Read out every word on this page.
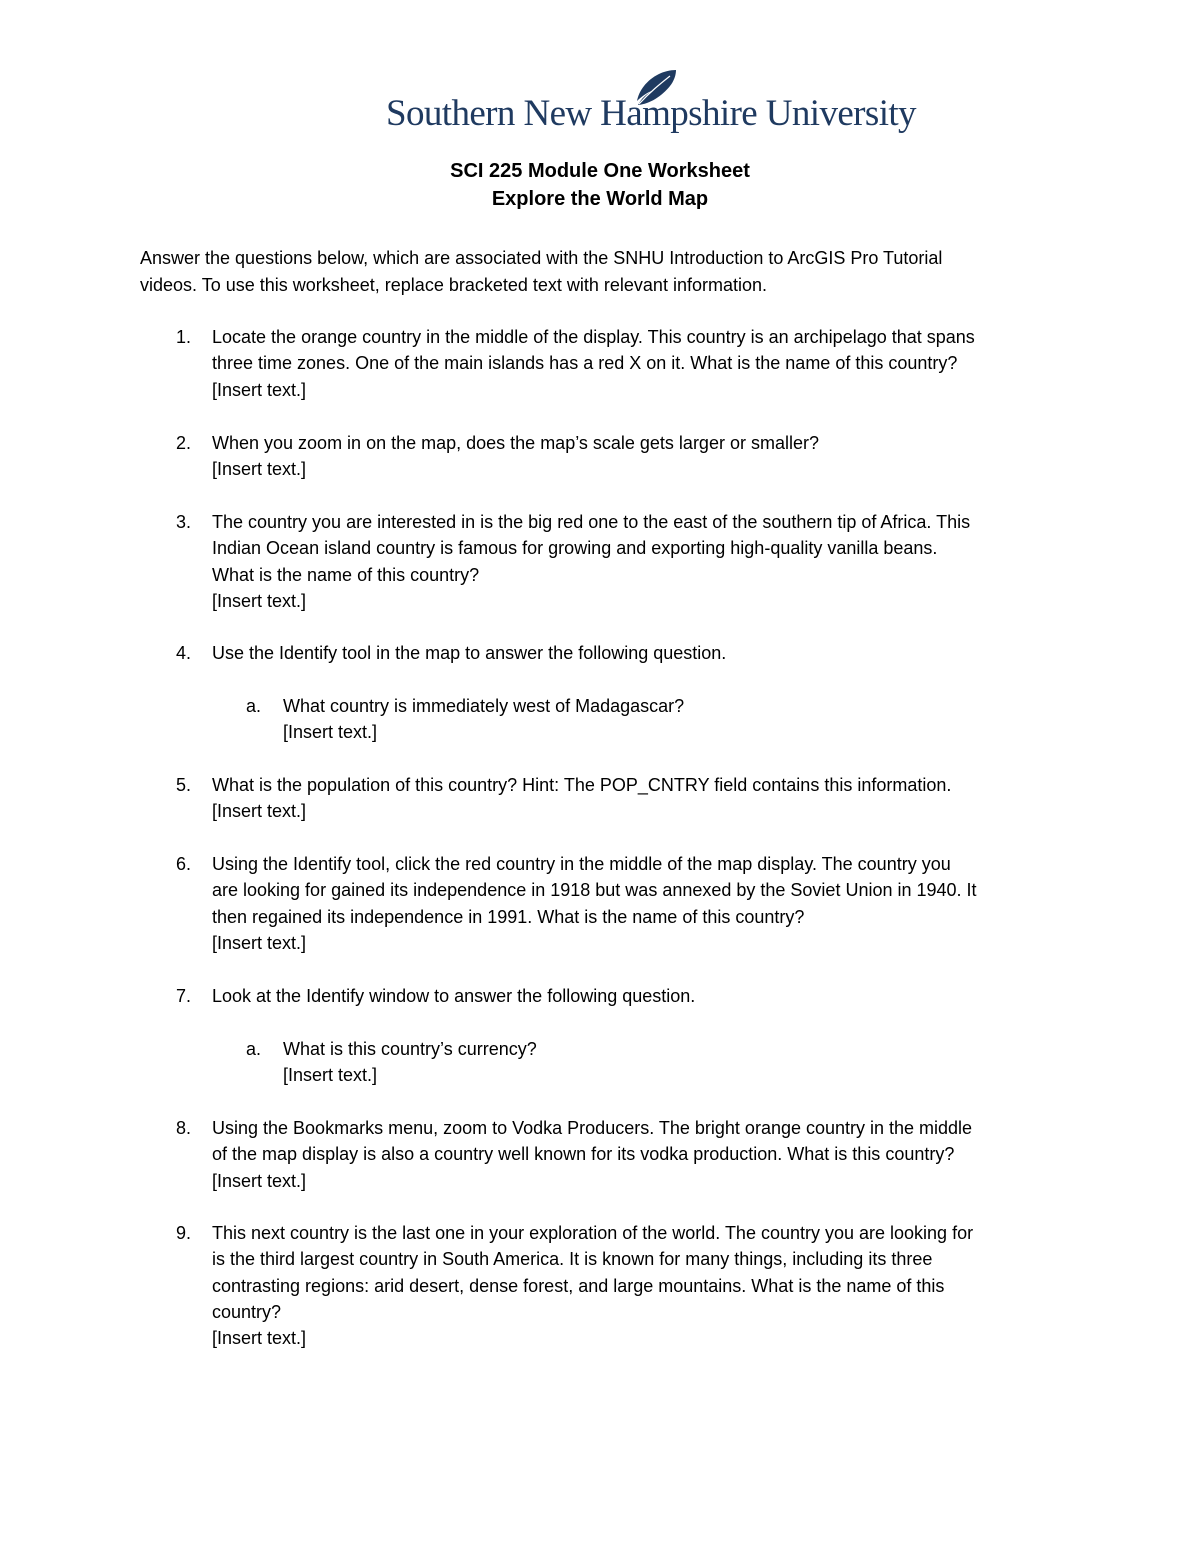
Southern New Hampshire University
SCI 225 Module One Worksheet
Explore the World Map
Answer the questions below, which are associated with the SNHU Introduction to ArcGIS Pro Tutorial
videos. To use this worksheet, replace bracketed text with relevant information.
1. Locate the orange country in the middle of the display. This country is an archipelago that spans
three time zones. One of the main islands has a red X on it. What is the name of this country?
[Insert text.]
2. When you zoom in on the map, does the map’s scale gets larger or smaller?
[Insert text.]
3. The country you are interested in is the big red one to the east of the southern tip of Africa. This
Indian Ocean island country is famous for growing and exporting high-quality vanilla beans.
What is the name of this country?
[Insert text.]
4. Use the Identify tool in the map to answer the following question.
a. What country is immediately west of Madagascar?
[Insert text.]
5. What is the population of this country? Hint: The POP_CNTRY field contains this information.
[Insert text.]
6. Using the Identify tool, click the red country in the middle of the map display. The country you
are looking for gained its independence in 1918 but was annexed by the Soviet Union in 1940. It
then regained its independence in 1991. What is the name of this country?
[Insert text.]
7. Look at the Identify window to answer the following question.
a. What is this country’s currency?
[Insert text.]
8. Using the Bookmarks menu, zoom to Vodka Producers. The bright orange country in the middle
of the map display is also a country well known for its vodka production. What is this country?
[Insert text.]
9. This next country is the last one in your exploration of the world. The country you are looking for
is the third largest country in South America. It is known for many things, including its three
contrasting regions: arid desert, dense forest, and large mountains. What is the name of this
country?
[Insert text.]
